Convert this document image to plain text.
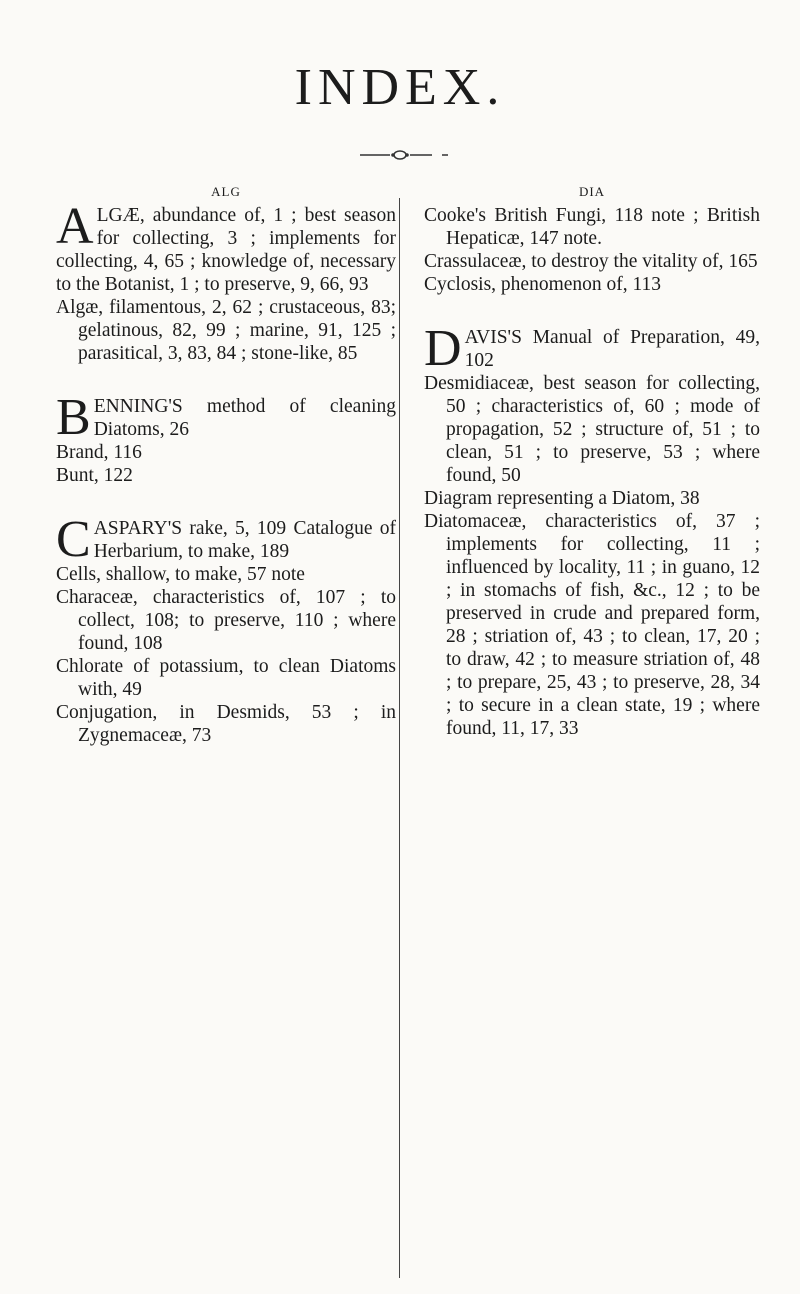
INDEX.
ALG
ALGÆ, abundance of, 1 ; best season for collecting, 3 ; implements for collecting, 4, 65 ; knowledge of, necessary to the Botanist, 1 ; to preserve, 9, 66, 93
Algæ, filamentous, 2, 62 ; crustaceous, 83; gelatinous, 82, 99 ; marine, 91, 125 ; parasitical, 3, 83, 84 ; stone-like, 85
BENNING'S method of cleaning Diatoms, 26
Brand, 116
Bunt, 122
CASPARY'S rake, 5, 109 Catalogue of Herbarium, to make, 189
Cells, shallow, to make, 57 note
Characeæ, characteristics of, 107 ; to collect, 108; to preserve, 110 ; where found, 108
Chlorate of potassium, to clean Diatoms with, 49
Conjugation, in Desmids, 53 ; in Zygnemaceæ, 73
DIA
Cooke's British Fungi, 118 note ; British Hepaticæ, 147 note.
Crassulaceæ, to destroy the vitality of, 165
Cyclosis, phenomenon of, 113
DAVIS'S Manual of Preparation, 49, 102
Desmidiaceæ, best season for collecting, 50 ; characteristics of, 60 ; mode of propagation, 52 ; structure of, 51 ; to clean, 51 ; to preserve, 53 ; where found, 50
Diagram representing a Diatom, 38
Diatomaceæ, characteristics of, 37 ; implements for collecting, 11 ; influenced by locality, 11 ; in guano, 12 ; in stomachs of fish, &c., 12 ; to be preserved in crude and prepared form, 28 ; striation of, 43 ; to clean, 17, 20 ; to draw, 42 ; to measure striation of, 48 ; to prepare, 25, 43 ; to preserve, 28, 34 ; to secure in a clean state, 19 ; where found, 11, 17, 33
